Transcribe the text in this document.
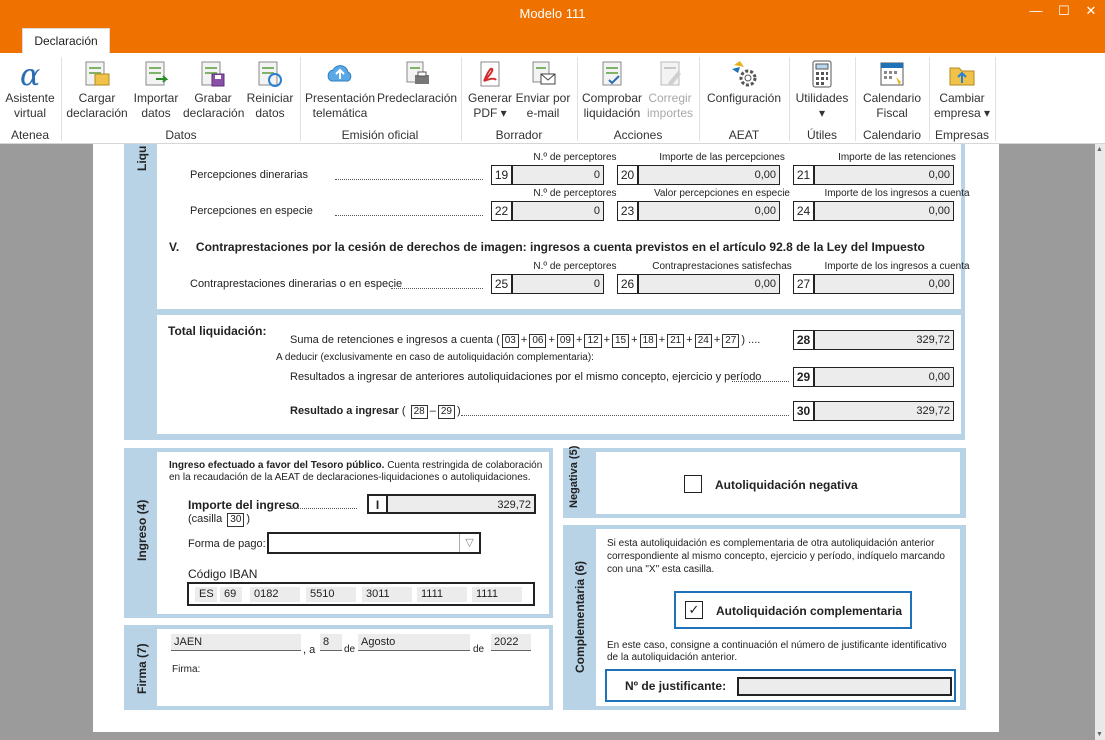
Modelo 111	—	☐	✕
Declaración
α
Asistente virtual
Cargar declaración
Importar datos
Grabar declaración
Reiniciar datos
Datos
Atenea
Presentación telemática
Predeclaración
Emisión oficial
Generar PDF ▾
Enviar por e-mail
Borrador
Comprobar liquidación
Corregir importes
Acciones
Configuración
AEAT
Utilidades ▾
Útiles
Calendario Fiscal
Calendario
Cambiar empresa ▾
Empresas
Liqu	N.º de perceptores	Importe de las percepciones	Importe de las retenciones
Percepciones dinerarias	19	0	20	0,00	21	0,00
N.º de perceptores	Valor percepciones en especie	Importe de los ingresos a cuenta
Percepciones en especie	22	0	23	0,00	24	0,00
V.     Contraprestaciones por la cesión de derechos de imagen: ingresos a cuenta previstos en el artículo 92.8 de la Ley del Impuesto
N.º de perceptores	Contraprestaciones satisfechas	Importe de los ingresos a cuenta
Contraprestaciones dinerarias o en especie	25	0	26	0,00	27	0,00
Total liquidación:
Suma de retenciones e ingresos a cuenta ( 03 + 06 + 09 + 12 + 15 + 18 + 21 + 24 + 27 ) ....	28	329,72
A deducir (exclusivamente en caso de autoliquidación complementaria):
Resultados a ingresar de anteriores autoliquidaciones por el mismo concepto, ejercicio y período	29	0,00
Resultado a ingresar ( 28 – 29 )	30	329,72
Ingreso (4)
Ingreso efectuado a favor del Tesoro público. Cuenta restringida de colaboración en la recaudación de la AEAT de declaraciones-liquidaciones o autoliquidaciones.
Importe del ingreso
(casilla 30 )
I	329,72
Forma de pago:	▽
Código IBAN
ES 69	0182	5510	3011	1111	1111
Firma (7)
JAEN
, a
8
de
Agosto
de
2022
Firma:
Negativa (5)	Autoliquidación negativa
Complementaria (6)
Si esta autoliquidación es complementaria de otra autoliquidación anterior correspondiente al mismo concepto, ejercicio y período, indíquelo marcando con una "X" esta casilla.
✓ Autoliquidación complementaria
En este caso, consigne a continuación el número de justificante identificativo de la autoliquidación anterior.
Nº de justificante:
▲
▼
